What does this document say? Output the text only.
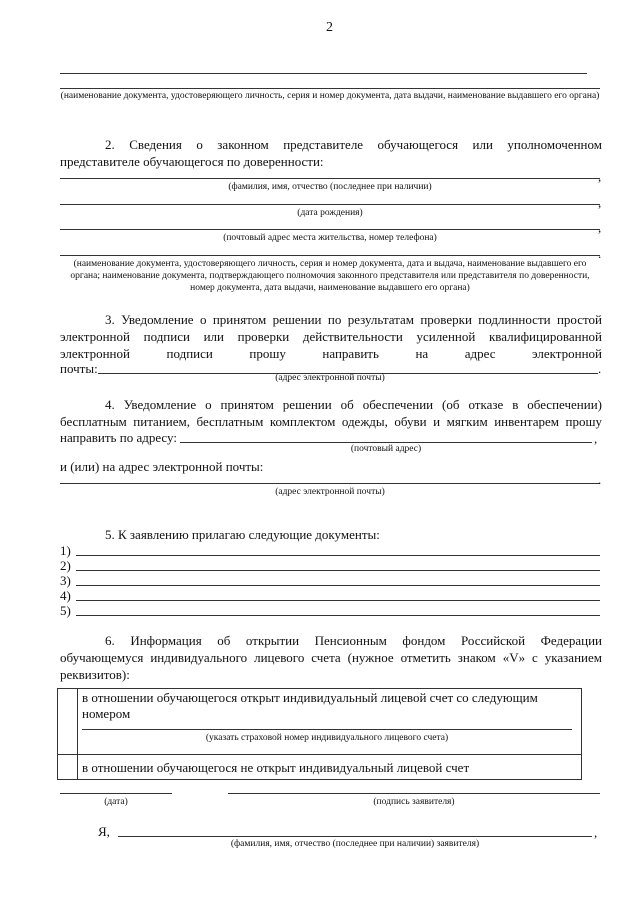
2
(наименование документа, удостоверяющего личность, серия и номер документа, дата выдачи, наименование выдавшего его органа)
2. Сведения о законном представителе обучающегося или уполномоченном
представителе обучающегося по доверенности:
,
(фамилия, имя, отчество (последнее при наличии)
,
(дата рождения)
,
(почтовый адрес места жительства, номер телефона)
.
(наименование документа, удостоверяющего личность, серия и номер документа, дата и выдача, наименование выдавшего его органа; наименование документа, подтверждающего полномочия законного представителя или представителя по доверенности, номер документа, дата выдачи, наименование выдавшего его органа)
3. Уведомление о принятом решении по результатам проверки подлинности простой
электронной подписи или проверки действительности усиленной квалифицированной
электронной подписи прошу направить на адрес электронной
почты:	.
(адрес электронной почты)
4. Уведомление о принятом решении об обеспечении (об отказе в обеспечении)
бесплатным питанием, бесплатным комплектом одежды, обуви и мягким инвентарем прошу
направить по адресу:	,
(почтовый адрес)
и (или) на адрес электронной почты:
.
(адрес электронной почты)
5. К заявлению прилагаю следующие документы:
1)
2)
3)
4)
5)
6. Информация об открытии Пенсионным фондом Российской Федерации
обучающемуся индивидуального лицевого счета (нужное отметить знаком «V» с указанием
реквизитов):
в отношении обучающегося открыт индивидуальный лицевой счет со следующим
номером
(указать страховой номер индивидуального лицевого счета)
в отношении обучающегося не открыт индивидуальный лицевой счет
(дата)	(подпись заявителя)
Я,	,
(фамилия, имя, отчество (последнее при наличии) заявителя)
